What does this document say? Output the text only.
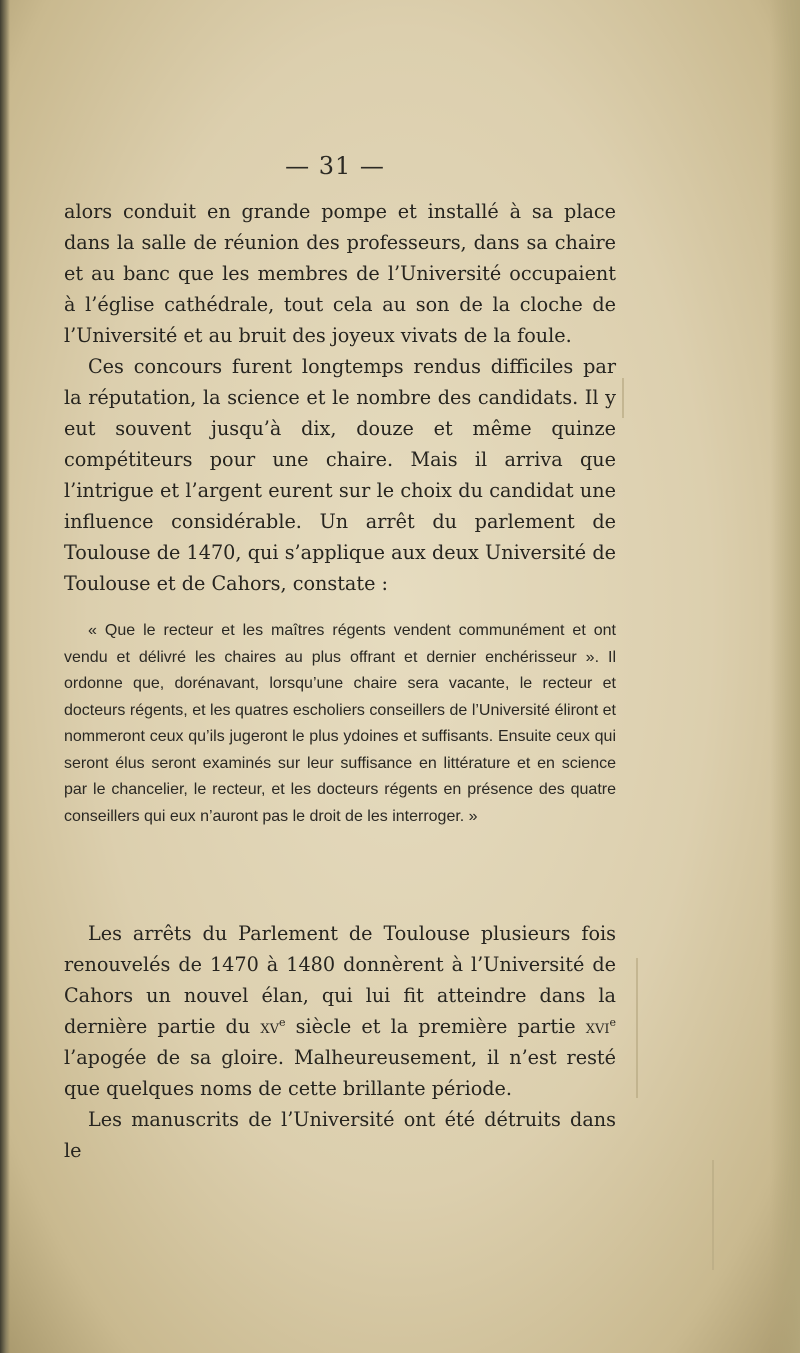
— 31 —

alors conduit en grande pompe et installé à sa place dans la salle de réunion des professeurs, dans sa chaire et au banc que les membres de l’Université occupaient à l’église cathédrale, tout cela au son de la cloche de l’Université et au bruit des joyeux vivats de la foule.

Ces concours furent longtemps rendus difficiles par la réputation, la science et le nombre des candidats. Il y eut souvent jusqu’à dix, douze et même quinze compétiteurs pour une chaire. Mais il arriva que l’intrigue et l’argent eurent sur le choix du candidat une influence considérable. Un arrêt du parlement de Toulouse de 1470, qui s’applique aux deux Université de Toulouse et de Cahors, constate :

« Que le recteur et les maîtres régents vendent communément et ont vendu et délivré les chaires au plus offrant et dernier enchérisseur ». Il ordonne que, dorénavant, lorsqu’une chaire sera vacante, le recteur et docteurs régents, et les quatres escholiers conseillers de l’Université éliront et nommeront ceux qu’ils jugeront le plus ydoines et suffisants. Ensuite ceux qui seront élus seront examinés sur leur suffisance en littérature et en science par le chancelier, le recteur, et les docteurs régents en présence des quatre conseillers qui eux n’auront pas le droit de les interroger. »

Les arrêts du Parlement de Toulouse plusieurs fois renouvelés de 1470 à 1480 donnèrent à l’Université de Cahors un nouvel élan, qui lui fit atteindre dans la dernière partie du $xv^e$ siècle et la première partie xvi$^e$ l’apogée de sa gloire. Malheureusement, il n’est resté que quelques noms de cette brillante période.

Les manuscrits de l’Université ont été détruits dans le
